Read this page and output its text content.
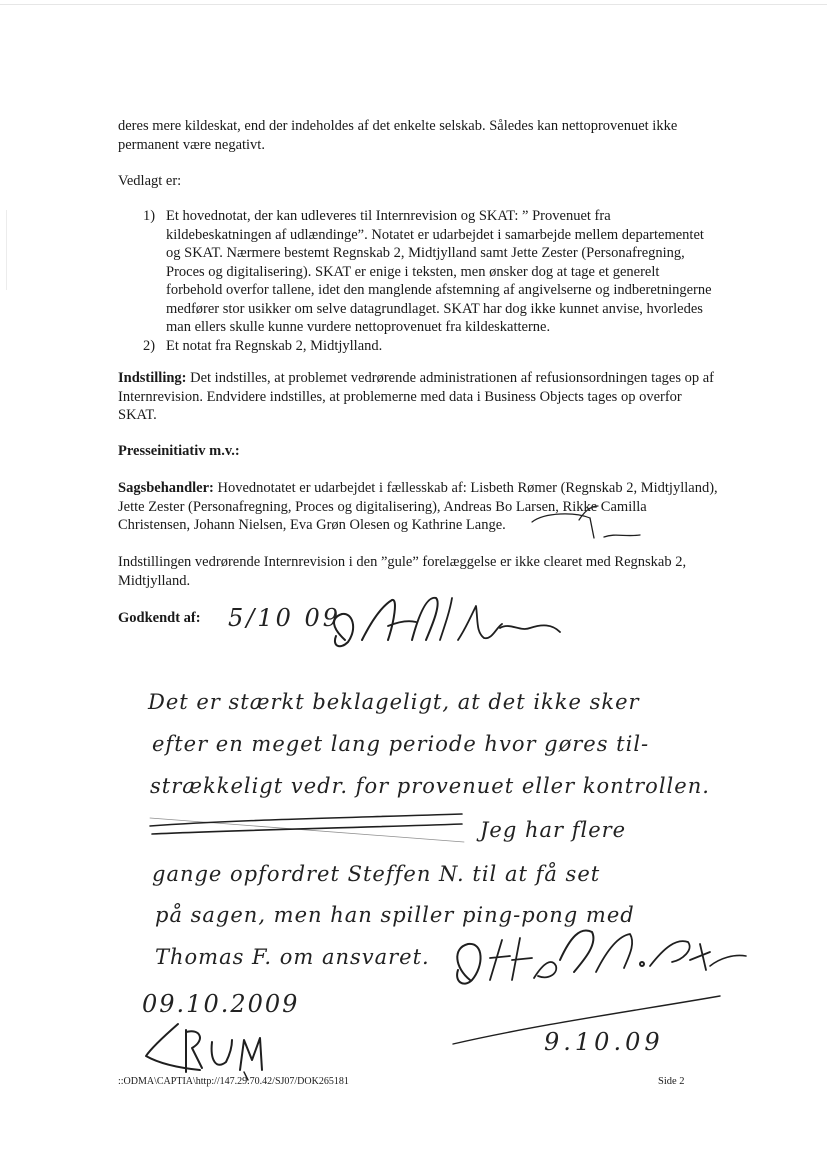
deres mere kildeskat, end der indeholdes af det enkelte selskab. Således kan nettoprovenuet ikke permanent være negativt.

Vedlagt er:

1) Et hovednotat, der kan udleveres til Internrevision og SKAT: ” Provenuet fra kildebeskatningen af udlændinge”. Notatet er udarbejdet i samarbejde mellem departementet og SKAT. Nærmere bestemt Regnskab 2, Midtjylland samt Jette Zester (Personafregning, Proces og digitalisering). SKAT er enige i teksten, men ønsker dog at tage et generelt forbehold overfor tallene, idet den manglende afstemning af angivelserne og indberetningerne medfører stor usikker om selve datagrundlaget. SKAT har dog ikke kunnet anvise, hvorledes man ellers skulle kunne vurdere nettoprovenuet fra kildeskatterne.
2) Et notat fra Regnskab 2, Midtjylland.

Indstilling: Det indstilles, at problemet vedrørende administrationen af refusionsordningen tages op af Internrevision. Endvidere indstilles, at problemerne med data i Business Objects tages op overfor SKAT.

Presseinitiativ m.v.:

Sagsbehandler: Hovednotatet er udarbejdet i fællesskab af: Lisbeth Rømer (Regnskab 2, Midtjylland), Jette Zester (Personafregning, Proces og digitalisering), Andreas Bo Larsen, Rikke Camilla Christensen, Johann Nielsen, Eva Grøn Olesen og Kathrine Lange.

Indstillingen vedrørende Internrevision i den ”gule” forelæggelse er ikke clearet med Regnskab 2, Midtjylland.

Godkendt af:	5/10 09
Det er stærkt beklageligt, at det ikke sker
efter en meget lang periode hvor gøres til-
strækkeligt vedr. for provenuet eller kontrollen.
Jeg har flere
gange opfordret Steffen N. til at få set
på sagen, men han spiller ping-pong med
Thomas F. om ansvaret.
9.10.09
09.10.2009
::ODMA\CAPTIA\http://147.29.70.42/SJ07/DOK265181	Side 2
